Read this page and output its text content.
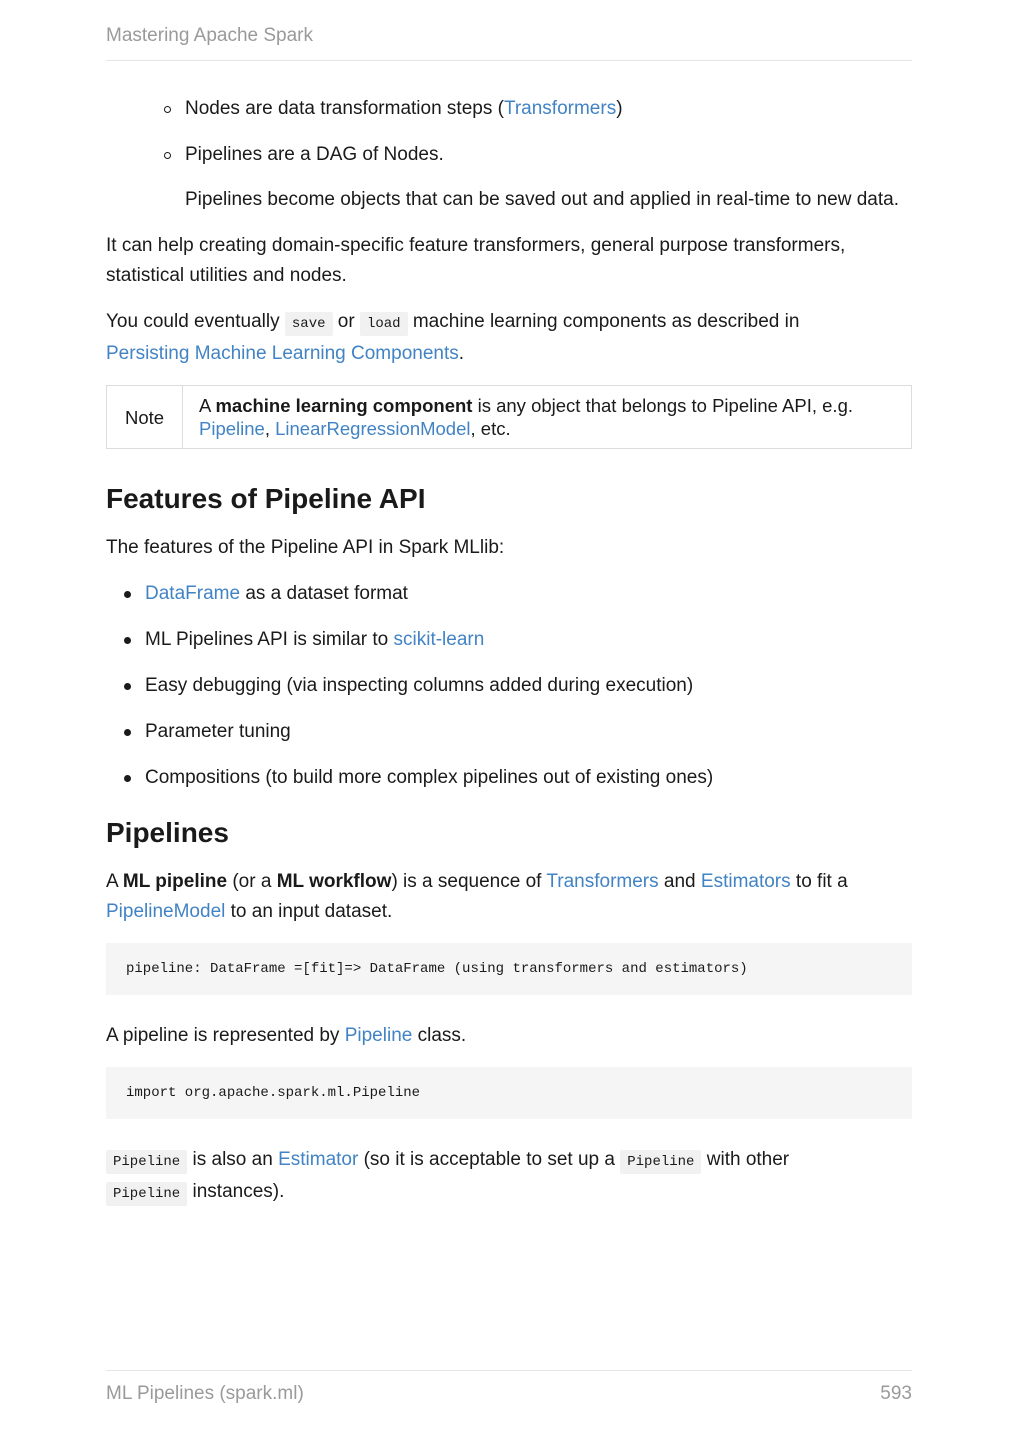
Mastering Apache Spark
Nodes are data transformation steps (Transformers)
Pipelines are a DAG of Nodes.

Pipelines become objects that can be saved out and applied in real-time to new data.

It can help creating domain-specific feature transformers, general purpose transformers, statistical utilities and nodes.

You could eventually save or load machine learning components as described in
Persisting Machine Learning Components.

Note
A machine learning component is any object that belongs to Pipeline API, e.g.
Pipeline, LinearRegressionModel, etc.
Features of Pipeline API

The features of the Pipeline API in Spark MLlib:

DataFrame as a dataset format
ML Pipelines API is similar to scikit-learn
Easy debugging (via inspecting columns added during execution)
Parameter tuning
Compositions (to build more complex pipelines out of existing ones)
Pipelines

A ML pipeline (or a ML workflow) is a sequence of Transformers and Estimators to fit a
PipelineModel to an input dataset.

pipeline: DataFrame =[fit]=> DataFrame (using transformers and estimators)

A pipeline is represented by Pipeline class.

import org.apache.spark.ml.Pipeline

Pipeline is also an Estimator (so it is acceptable to set up a Pipeline with other
Pipeline instances).

ML Pipelines (spark.ml)	593
